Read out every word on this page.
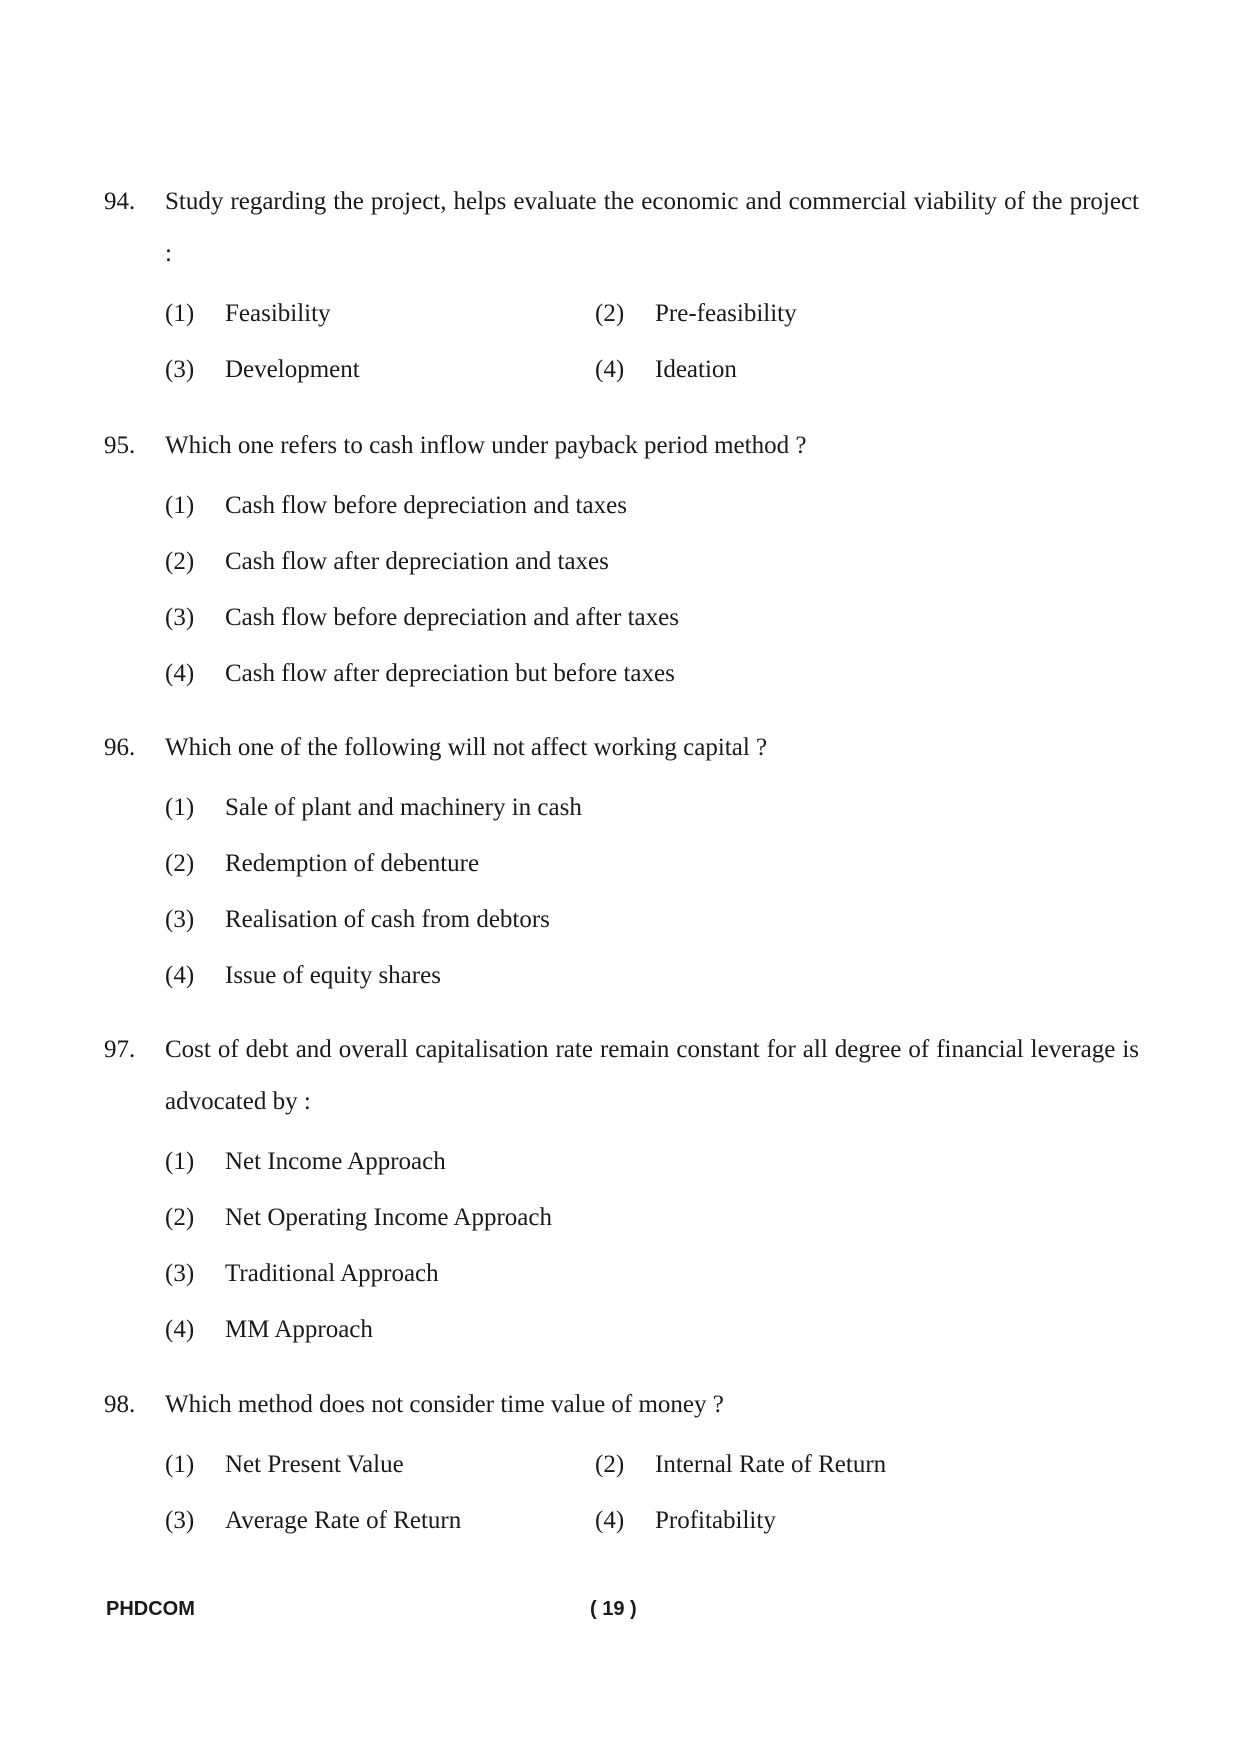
94.	Study regarding the project, helps evaluate the economic and commercial viability of the project :
(1)	Feasibility	(2)	Pre-feasibility
(3)	Development	(4)	Ideation
95.	Which one refers to cash inflow under payback period method ?
(1)	Cash flow before depreciation and taxes
(2)	Cash flow after depreciation and taxes
(3)	Cash flow before depreciation and after taxes
(4)	Cash flow after depreciation but before taxes
96.	Which one of the following will not affect working capital ?
(1)	Sale of plant and machinery in cash
(2)	Redemption of debenture
(3)	Realisation of cash from debtors
(4)	Issue of equity shares
97.	Cost of debt and overall capitalisation rate remain constant for all degree of financial leverage is advocated by :
(1)	Net Income Approach
(2)	Net Operating Income Approach
(3)	Traditional Approach
(4)	MM Approach
98.	Which method does not consider time value of money ?
(1)	Net Present Value	(2)	Internal Rate of Return
(3)	Average Rate of Return	(4)	Profitability
PHDCOM	( 19 )
